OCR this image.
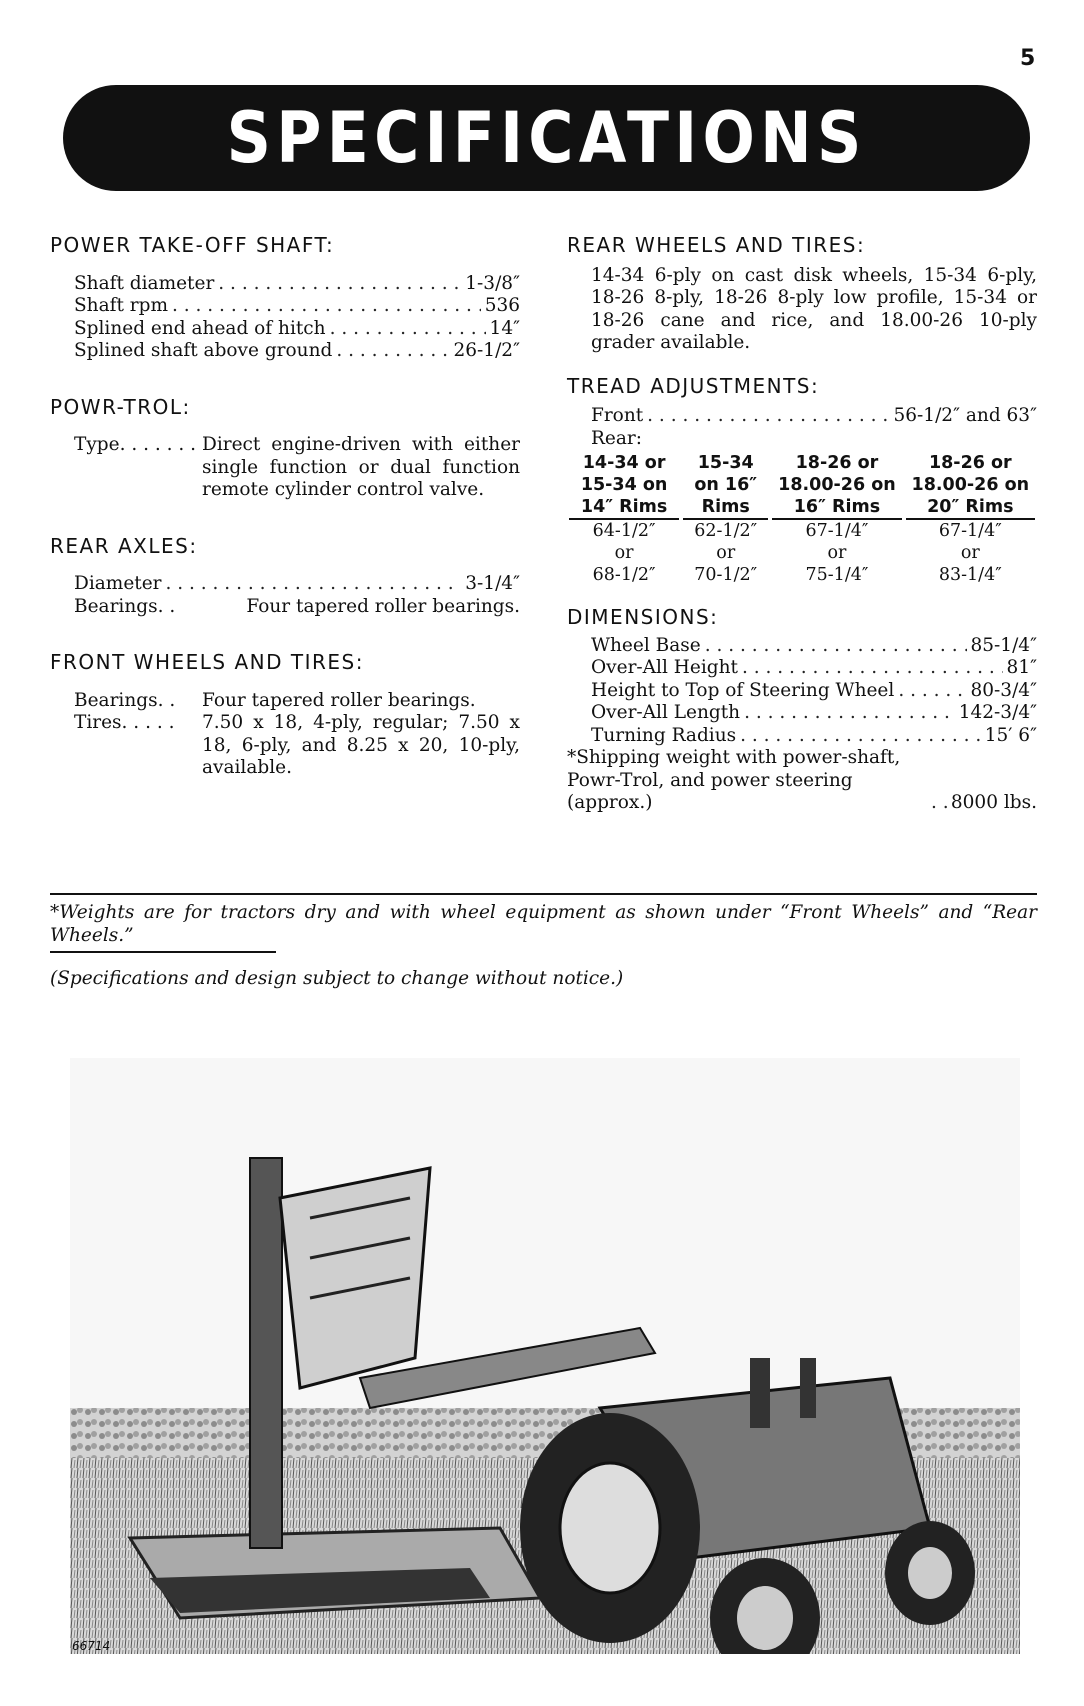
5
SPECIFICATIONS
POWER TAKE-OFF SHAFT:
Shaft diameter . . .	1-3/8″
Shaft rpm . . .	536
Splined end ahead of hitch . . .	14″
Splined shaft above ground . . .	26-1/2″
POWR-TROL:
Type. . . . . . . Direct engine-driven with either single function or dual function remote cylinder control valve.
REAR AXLES:
Diameter . . .	3-1/4″
Bearings. .	Four tapered roller bearings.
FRONT WHEELS AND TIRES:
Bearings. .	Four tapered roller bearings.
Tires. . . . .	7.50 x 18, 4-ply, regular; 7.50 x 18, 6-ply, and 8.25 x 20, 10-ply, available.
REAR WHEELS AND TIRES:
14-34 6-ply on cast disk wheels, 15-34 6-ply, 18-26 8-ply, 18-26 8-ply low profile, 15-34 or 18-26 cane and rice, and 18.00-26 10-ply grader available.
TREAD ADJUSTMENTS:
Front . . .	56-1/2″ and 63″
Rear:
14-34 or 15-34 on 14″ Rims	15-34 on 16″ Rims	18-26 or 18.00-26 on 16″ Rims	18-26 or 18.00-26 on 20″ Rims
64-1/2″	62-1/2″	67-1/4″	67-1/4″
or	or	or	or
68-1/2″	70-1/2″	75-1/4″	83-1/4″
DIMENSIONS:
Wheel Base . . .	85-1/4″
Over-All Height . . .	81″
Height to Top of Steering Wheel . . .	80-3/4″
Over-All Length . . .	142-3/4″
Turning Radius . . .	15′ 6″
*Shipping weight with power-shaft, Powr-Trol, and power steering (approx.) . . .	8000 lbs.
*Weights are for tractors dry and with wheel equipment as shown under “Front Wheels” and “Rear Wheels.”
(Specifications and design subject to change without notice.)
66714
